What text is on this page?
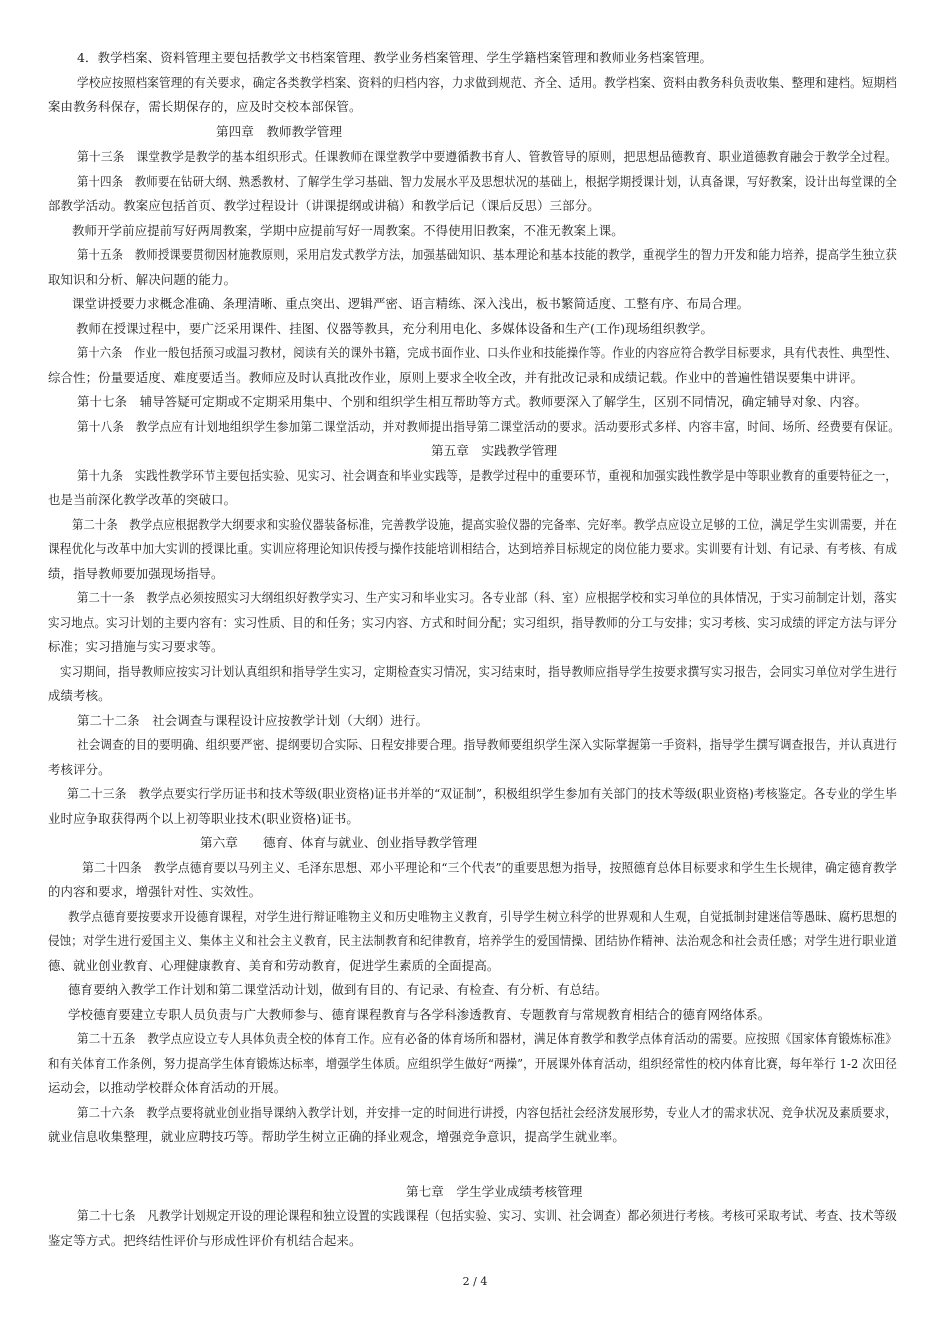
4．教学档案、资料管理主要包括教学文书档案管理、教学业务档案管理、学生学籍档案管理和教师业务档案管理。
学校应按照档案管理的有关要求，确定各类教学档案、资料的归档内容，力求做到规范、齐全、适用。教学档案、资料由教务科负责收集、整理和建档。短期档
案由教务科保存，需长期保存的，应及时交校本部保管。
第四章　教师教学管理
第十三条　课堂教学是教学的基本组织形式。任课教师在课堂教学中要遵循教书育人、管教管导的原则，把思想品德教育、职业道德教育融会于教学全过程。
第十四条　教师要在钻研大纲、熟悉教材、了解学生学习基础、智力发展水平及思想状况的基础上，根据学期授课计划，认真备课，写好教案，设计出每堂课的全
部教学活动。教案应包括首页、教学过程设计（讲课提纲或讲稿）和教学后记（课后反思）三部分。
教师开学前应提前写好两周教案，学期中应提前写好一周教案。不得使用旧教案，不准无教案上课。
第十五条　教师授课要贯彻因材施教原则，采用启发式教学方法，加强基础知识、基本理论和基本技能的教学，重视学生的智力开发和能力培养，提高学生独立获
取知识和分析、解决问题的能力。
课堂讲授要力求概念准确、条理清晰、重点突出、逻辑严密、语言精练、深入浅出，板书繁简适度、工整有序、布局合理。
教师在授课过程中，要广泛采用课件、挂图、仪器等教具，充分利用电化、多媒体设备和生产(工作)现场组织教学。
第十六条　作业一般包括预习或温习教材，阅读有关的课外书籍，完成书面作业、口头作业和技能操作等。作业的内容应符合教学目标要求，具有代表性、典型性、
综合性；份量要适度、难度要适当。教师应及时认真批改作业，原则上要求全收全改，并有批改记录和成绩记载。作业中的普遍性错误要集中讲评。
第十七条　辅导答疑可定期或不定期采用集中、个别和组织学生相互帮助等方式。教师要深入了解学生，区别不同情况，确定辅导对象、内容。
第十八条　教学点应有计划地组织学生参加第二课堂活动，并对教师提出指导第二课堂活动的要求。活动要形式多样、内容丰富，时间、场所、经费要有保证。
第五章　实践教学管理
第十九条　实践性教学环节主要包括实验、见实习、社会调查和毕业实践等，是教学过程中的重要环节，重视和加强实践性教学是中等职业教育的重要特征之一，
也是当前深化教学改革的突破口。
第二十条　教学点应根据教学大纲要求和实验仪器装备标准，完善教学设施，提高实验仪器的完备率、完好率。教学点应设立足够的工位，满足学生实训需要，并在
课程优化与改革中加大实训的授课比重。实训应将理论知识传授与操作技能培训相结合，达到培养目标规定的岗位能力要求。实训要有计划、有记录、有考核、有成
绩，指导教师要加强现场指导。
第二十一条　教学点必须按照实习大纲组织好教学实习、生产实习和毕业实习。各专业部（科、室）应根据学校和实习单位的具体情况，于实习前制定计划，落实
实习地点。实习计划的主要内容有：实习性质、目的和任务；实习内容、方式和时间分配；实习组织，指导教师的分工与安排；实习考核、实习成绩的评定方法与评分
标准；实习措施与实习要求等。
实习期间，指导教师应按实习计划认真组织和指导学生实习，定期检查实习情况，实习结束时，指导教师应指导学生按要求撰写实习报告，会同实习单位对学生进行
成绩考核。
第二十二条　社会调查与课程设计应按教学计划（大纲）进行。
社会调查的目的要明确、组织要严密、提纲要切合实际、日程安排要合理。指导教师要组织学生深入实际掌握第一手资料，指导学生撰写调查报告，并认真进行
考核评分。
第二十三条　教学点要实行学历证书和技术等级(职业资格)证书并举的“双证制”，积极组织学生参加有关部门的技术等级(职业资格)考核鉴定。各专业的学生毕
业时应争取获得两个以上初等职业技术(职业资格)证书。
第六章　　德育、体育与就业、创业指导教学管理
第二十四条　教学点德育要以马列主义、毛泽东思想、邓小平理论和“三个代表”的重要思想为指导，按照德育总体目标要求和学生生长规律，确定德育教学
的内容和要求，增强针对性、实效性。
教学点德育要按要求开设德育课程，对学生进行辩证唯物主义和历史唯物主义教育，引导学生树立科学的世界观和人生观，自觉抵制封建迷信等愚昧、腐朽思想的
侵蚀；对学生进行爱国主义、集体主义和社会主义教育，民主法制教育和纪律教育，培养学生的爱国情操、团结协作精神、法治观念和社会责任感；对学生进行职业道
德、就业创业教育、心理健康教育、美育和劳动教育，促进学生素质的全面提高。
德育要纳入教学工作计划和第二课堂活动计划，做到有目的、有记录、有检查、有分析、有总结。
学校德育要建立专职人员负责与广大教师参与、德育课程教育与各学科渗透教育、专题教育与常规教育相结合的德育网络体系。
第二十五条　教学点应设立专人具体负责全校的体育工作。应有必备的体育场所和器材，满足体育教学和教学点体育活动的需要。应按照《国家体育锻炼标准》
和有关体育工作条例，努力提高学生体育锻炼达标率，增强学生体质。应组织学生做好“两操”，开展课外体育活动，组织经常性的校内体育比赛，每年举行 1-2 次田径
运动会，以推动学校群众体育活动的开展。
第二十六条　教学点要将就业创业指导课纳入教学计划，并安排一定的时间进行讲授，内容包括社会经济发展形势，专业人才的需求状况、竞争状况及素质要求，
就业信息收集整理，就业应聘技巧等。帮助学生树立正确的择业观念，增强竞争意识，提高学生就业率。
第七章　学生学业成绩考核管理
第二十七条　凡教学计划规定开设的理论课程和独立设置的实践课程（包括实验、实习、实训、社会调查）都必须进行考核。考核可采取考试、考查、技术等级
鉴定等方式。把终结性评价与形成性评价有机结合起来。
2 / 4
